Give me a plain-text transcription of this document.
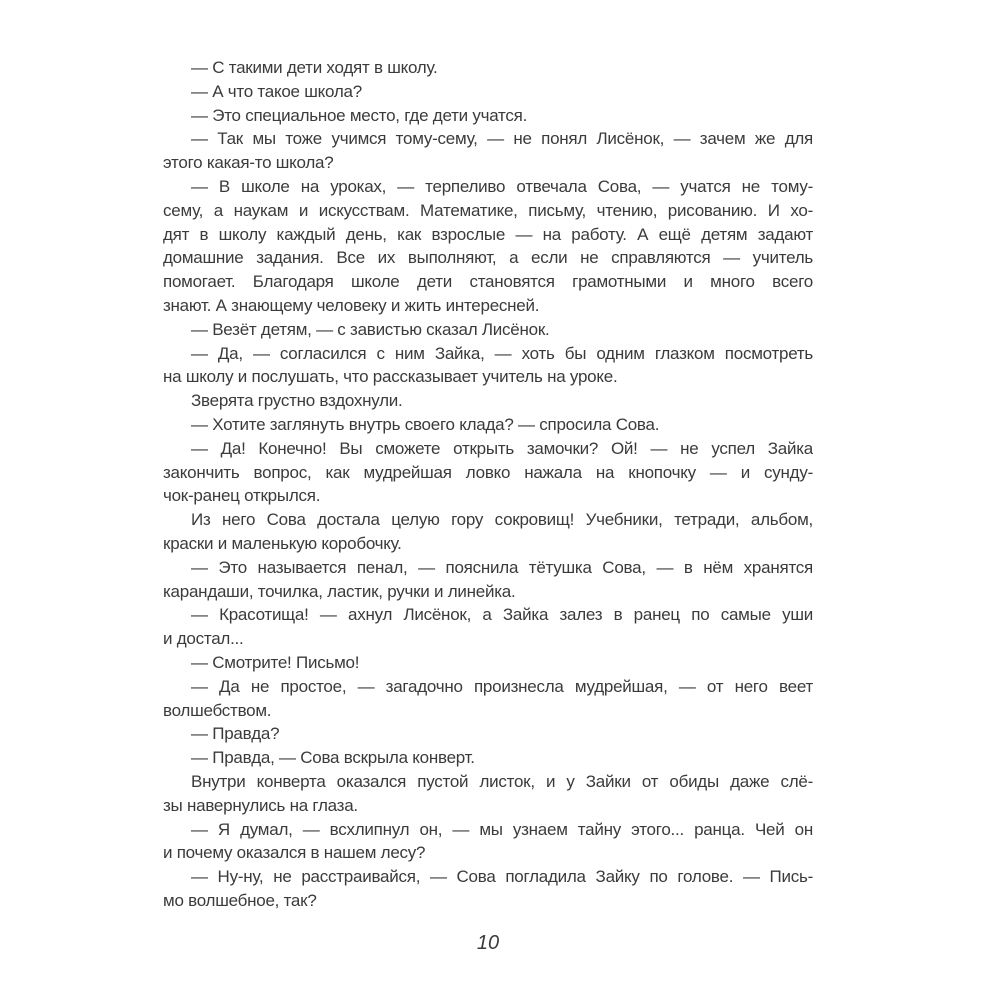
— С такими дети ходят в школу.
— А что такое школа?
— Это специальное место, где дети учатся.
— Так мы тоже учимся тому-сему, — не понял Лисёнок, — зачем же для
этого какая-то школа?
— В школе на уроках, — терпеливо отвечала Сова, — учатся не тому-
сему, а наукам и искусствам. Математике, письму, чтению, рисованию. И хо-
дят в школу каждый день, как взрослые — на работу. А ещё детям задают
домашние задания. Все их выполняют, а если не справляются — учитель
помогает. Благодаря школе дети становятся грамотными и много всего
знают. А знающему человеку и жить интересней.
— Везёт детям, — с завистью сказал Лисёнок.
— Да, — согласился с ним Зайка, — хоть бы одним глазком посмотреть
на школу и послушать, что рассказывает учитель на уроке.
Зверята грустно вздохнули.
— Хотите заглянуть внутрь своего клада? — спросила Сова.
— Да! Конечно! Вы сможете открыть замочки? Ой! — не успел Зайка
закончить вопрос, как мудрейшая ловко нажала на кнопочку — и сунду-
чок-ранец открылся.
Из него Сова достала целую гору сокровищ! Учебники, тетради, альбом,
краски и маленькую коробочку.
— Это называется пенал, — пояснила тётушка Сова, — в нём хранятся
карандаши, точилка, ластик, ручки и линейка.
— Красотища! — ахнул Лисёнок, а Зайка залез в ранец по самые уши
и достал...
— Смотрите! Письмо!
— Да не простое, — загадочно произнесла мудрейшая, — от него веет
волшебством.
— Правда?
— Правда, — Сова вскрыла конверт.
Внутри конверта оказался пустой листок, и у Зайки от обиды даже слё-
зы навернулись на глаза.
— Я думал, — всхлипнул он, — мы узнаем тайну этого... ранца. Чей он
и почему оказался в нашем лесу?
— Ну-ну, не расстраивайся, — Сова погладила Зайку по голове. — Пись-
мо волшебное, так?
10
